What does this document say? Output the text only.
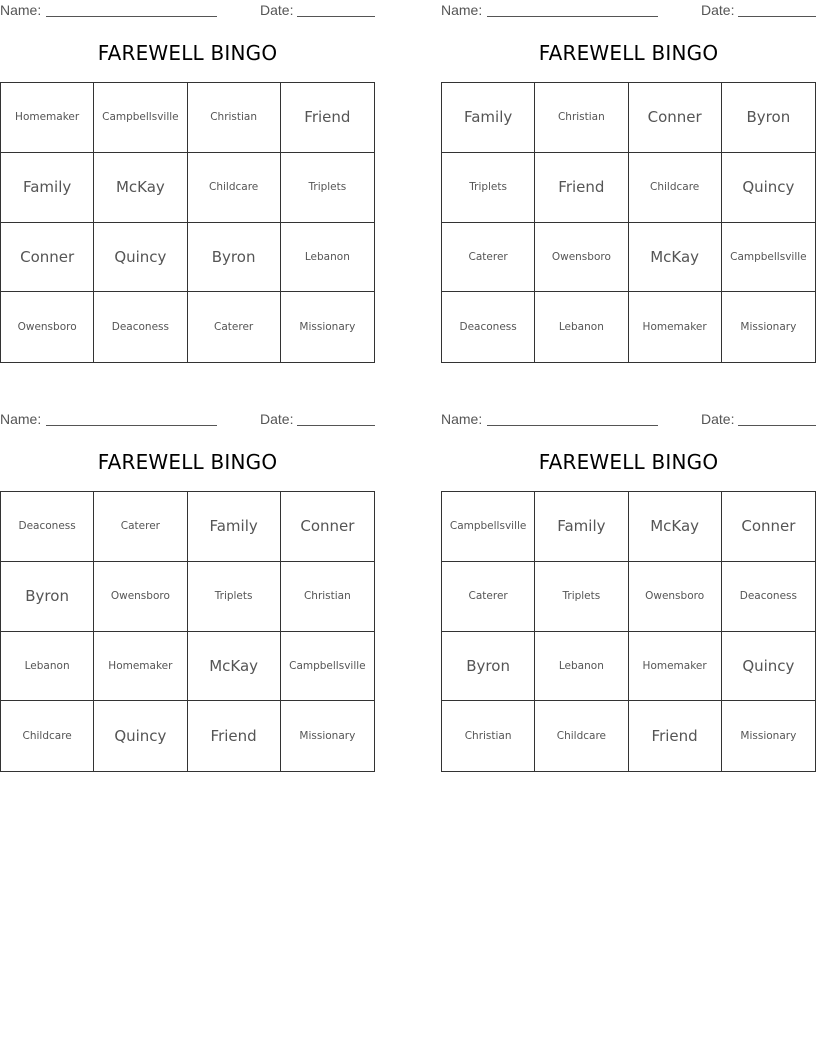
Name:	Date:
FAREWELL BINGO
Homemaker	Campbellsville	Christian	Friend
Family	McKay	Childcare	Triplets
Conner	Quincy	Byron	Lebanon
Owensboro	Deaconess	Caterer	Missionary
Name:	Date:
FAREWELL BINGO
Family	Christian	Conner	Byron
Triplets	Friend	Childcare	Quincy
Caterer	Owensboro	McKay	Campbellsville
Deaconess	Lebanon	Homemaker	Missionary
Name:	Date:
FAREWELL BINGO
Deaconess	Caterer	Family	Conner
Byron	Owensboro	Triplets	Christian
Lebanon	Homemaker	McKay	Campbellsville
Childcare	Quincy	Friend	Missionary
Name:	Date:
FAREWELL BINGO
Campbellsville	Family	McKay	Conner
Caterer	Triplets	Owensboro	Deaconess
Byron	Lebanon	Homemaker	Quincy
Christian	Childcare	Friend	Missionary
